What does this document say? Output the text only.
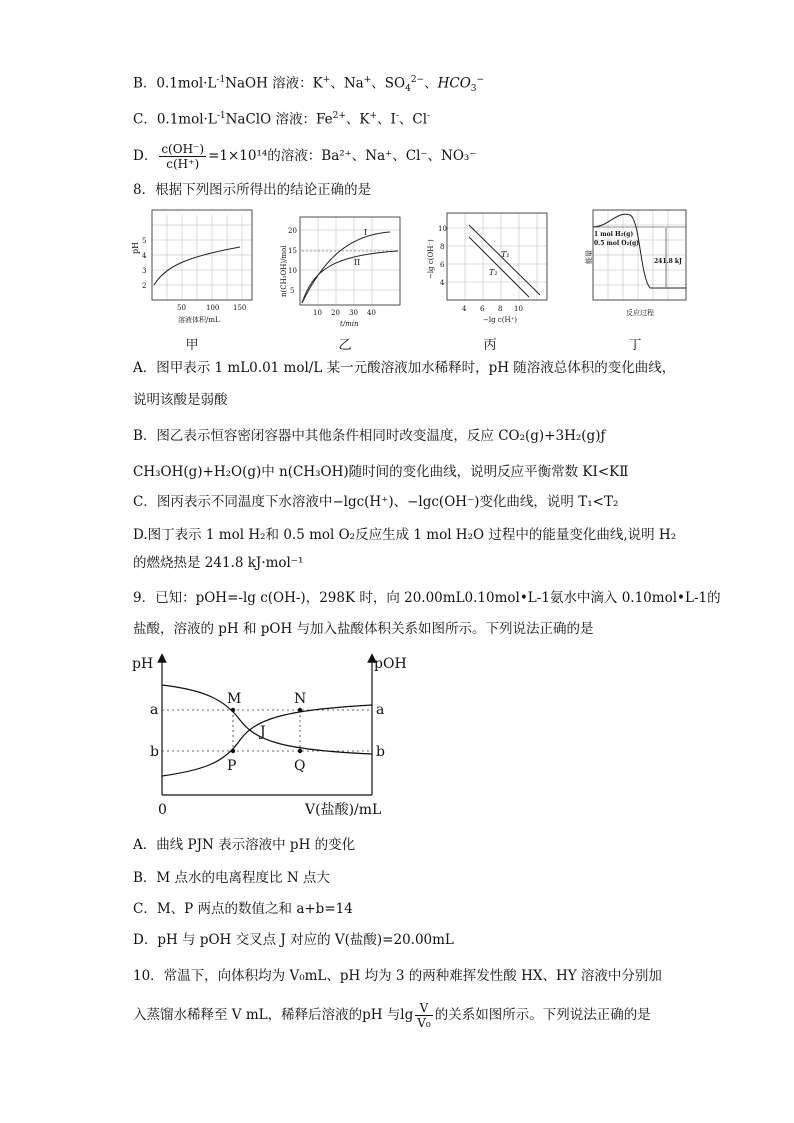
B．$0.1mol\cdot L^{-1}NaOH$ 溶液：K+、Na+、$SO_4^{2-}$、$HCO_3^-$
C．$0.1mol\cdot L^{-1}NaClO$ 溶液：$Fe^{2+}$、K+、I-、Cl-
D． $\frac{c(OH^-)}{c(H^+)} =1\times 10^{14}$的溶液：Ba²⁺、Na⁺、Cl⁻、NO₃⁻
8．根据下列图示所得出的结论正确的是
pH
2
3
4
5
50	100 150
溶液体积/mL
甲
I
II
n(CH₃OH)/mol 5
10
15
20
10 20 30 40
t/min
乙
T₁
T₂
−lg c(OH⁻)
10
8
6
4
4 6 8 10
−lg c(H⁺)
丙
1 mol H₂(g)
0.5 mol O₂(g)
241.8 kJ
能量
反应过程
丁
A．图甲表示 1 mL0.01 mol/L 某一元酸溶液加水稀释时，pH 随溶液总体积的变化曲线，
说明该酸是弱酸
B．图乙表示恒容密闭容器中其他条件相同时改变温度，反应 CO₂(g)+3H₂(g)ƒ
CH₃OH(g)+H₂O(g)中 n(CH₃OH)随时间的变化曲线，说明反应平衡常数 KⅠ<KⅡ
C．图丙表示不同温度下水溶液中−lgc(H⁺)、−lgc(OH⁻)变化曲线，说明 T₁<T₂
D.图丁表示 1 mol H₂和 0.5 mol O₂反应生成 1 mol H₂O 过程中的能量变化曲线,说明 H₂
的燃烧热是 241.8 kJ·mol⁻¹
9．已知：pOH=-lg c(OH-)，298K 时，向 20.00mL0.10mol•L-1氨水中滴入 0.10mol•L-1的
盐酸，溶液的 pH 和 pOH 与加入盐酸体积关系如图所示。下列说法正确的是
pH	pOH
a
b
a
b
M	N
J
P	Q
0	V(盐酸)/mL
A．曲线 PJN 表示溶液中 pH 的变化
B．M 点水的电离程度比 N 点大
C．M、P 两点的数值之和 a+b=14
D．pH 与 pOH 交叉点 J 对应的 V(盐酸)=20.00mL
10．常温下，向体积均为 V₀mL、pH 均为 3 的两种难挥发性酸 HX、HY 溶液中分别加
入蒸馏水稀释至 V mL，稀释后溶液的pH 与$\lg \frac{V}{\text{V₀}}$ 的关系如图所示。下列说法正确的是
